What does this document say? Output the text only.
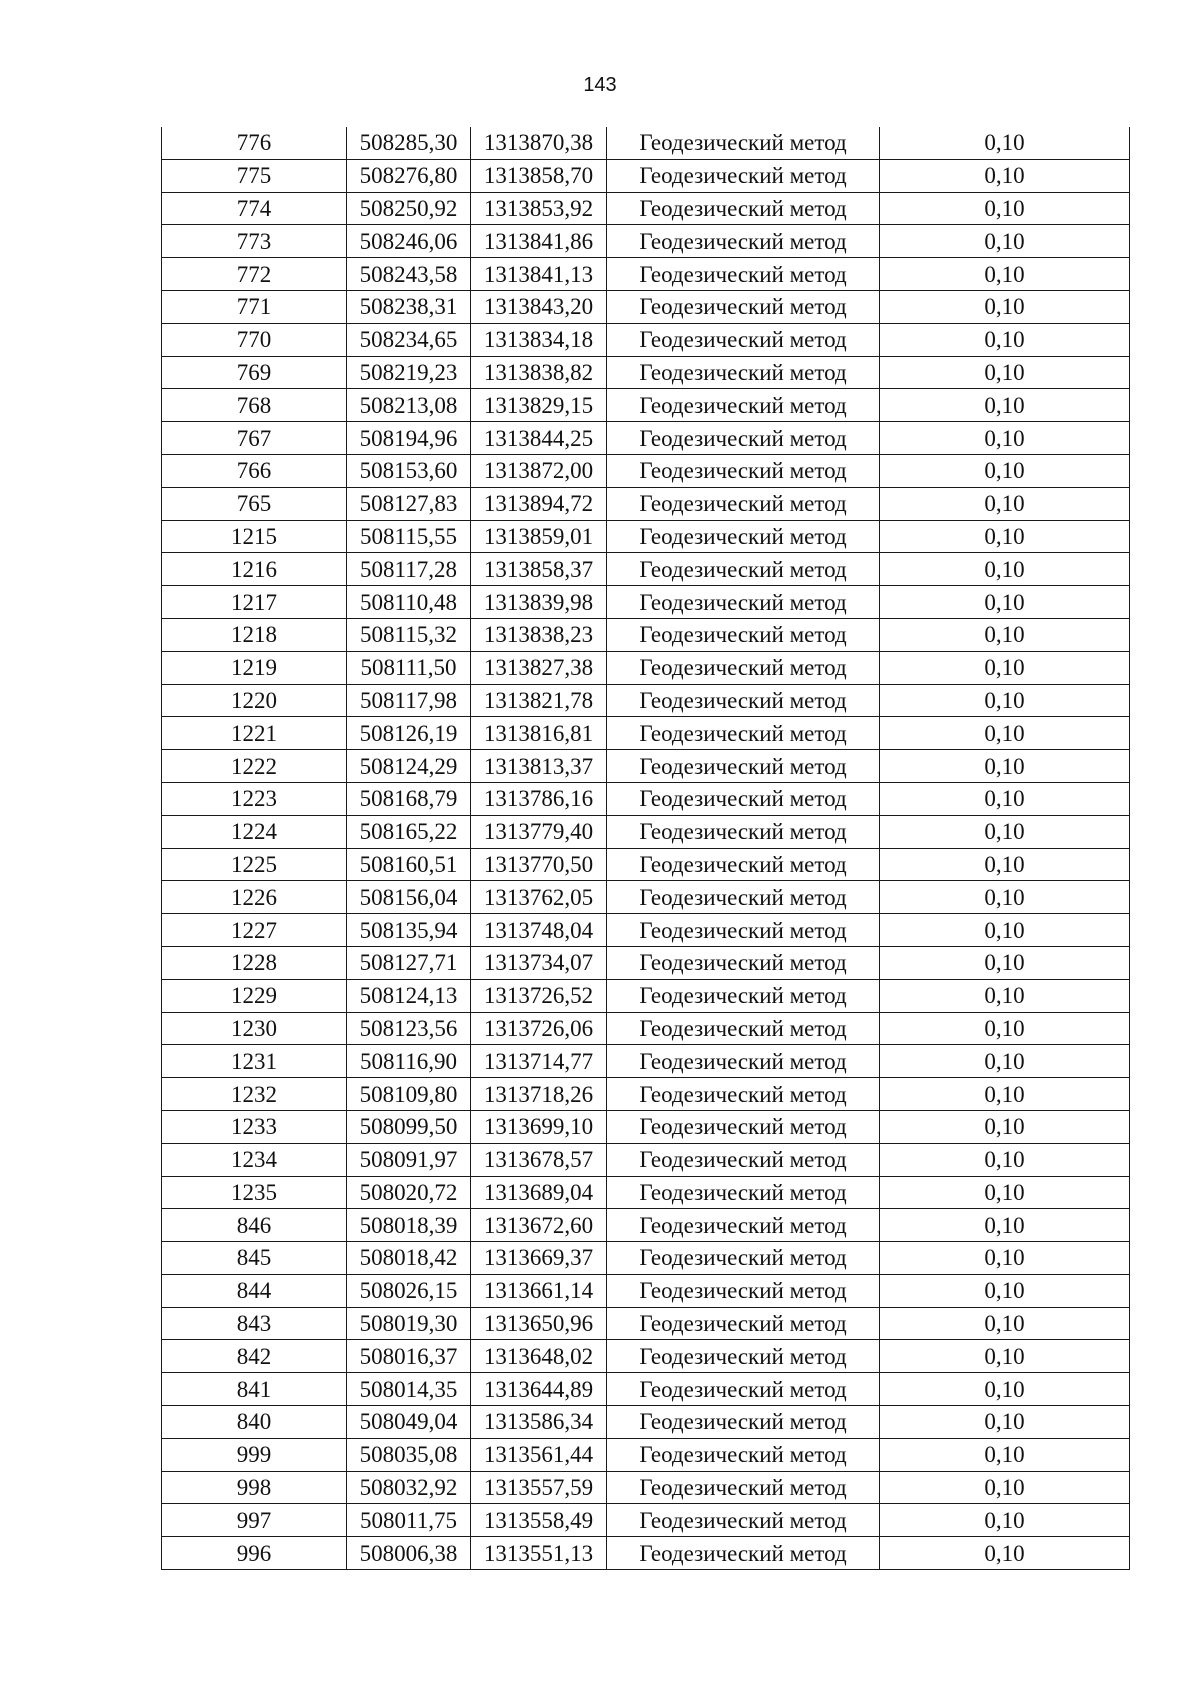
143
776	508285,30	1313870,38	Геодезический метод	0,10
775	508276,80	1313858,70	Геодезический метод	0,10
774	508250,92	1313853,92	Геодезический метод	0,10
773	508246,06	1313841,86	Геодезический метод	0,10
772	508243,58	1313841,13	Геодезический метод	0,10
771	508238,31	1313843,20	Геодезический метод	0,10
770	508234,65	1313834,18	Геодезический метод	0,10
769	508219,23	1313838,82	Геодезический метод	0,10
768	508213,08	1313829,15	Геодезический метод	0,10
767	508194,96	1313844,25	Геодезический метод	0,10
766	508153,60	1313872,00	Геодезический метод	0,10
765	508127,83	1313894,72	Геодезический метод	0,10
1215	508115,55	1313859,01	Геодезический метод	0,10
1216	508117,28	1313858,37	Геодезический метод	0,10
1217	508110,48	1313839,98	Геодезический метод	0,10
1218	508115,32	1313838,23	Геодезический метод	0,10
1219	508111,50	1313827,38	Геодезический метод	0,10
1220	508117,98	1313821,78	Геодезический метод	0,10
1221	508126,19	1313816,81	Геодезический метод	0,10
1222	508124,29	1313813,37	Геодезический метод	0,10
1223	508168,79	1313786,16	Геодезический метод	0,10
1224	508165,22	1313779,40	Геодезический метод	0,10
1225	508160,51	1313770,50	Геодезический метод	0,10
1226	508156,04	1313762,05	Геодезический метод	0,10
1227	508135,94	1313748,04	Геодезический метод	0,10
1228	508127,71	1313734,07	Геодезический метод	0,10
1229	508124,13	1313726,52	Геодезический метод	0,10
1230	508123,56	1313726,06	Геодезический метод	0,10
1231	508116,90	1313714,77	Геодезический метод	0,10
1232	508109,80	1313718,26	Геодезический метод	0,10
1233	508099,50	1313699,10	Геодезический метод	0,10
1234	508091,97	1313678,57	Геодезический метод	0,10
1235	508020,72	1313689,04	Геодезический метод	0,10
846	508018,39	1313672,60	Геодезический метод	0,10
845	508018,42	1313669,37	Геодезический метод	0,10
844	508026,15	1313661,14	Геодезический метод	0,10
843	508019,30	1313650,96	Геодезический метод	0,10
842	508016,37	1313648,02	Геодезический метод	0,10
841	508014,35	1313644,89	Геодезический метод	0,10
840	508049,04	1313586,34	Геодезический метод	0,10
999	508035,08	1313561,44	Геодезический метод	0,10
998	508032,92	1313557,59	Геодезический метод	0,10
997	508011,75	1313558,49	Геодезический метод	0,10
996	508006,38	1313551,13	Геодезический метод	0,10
